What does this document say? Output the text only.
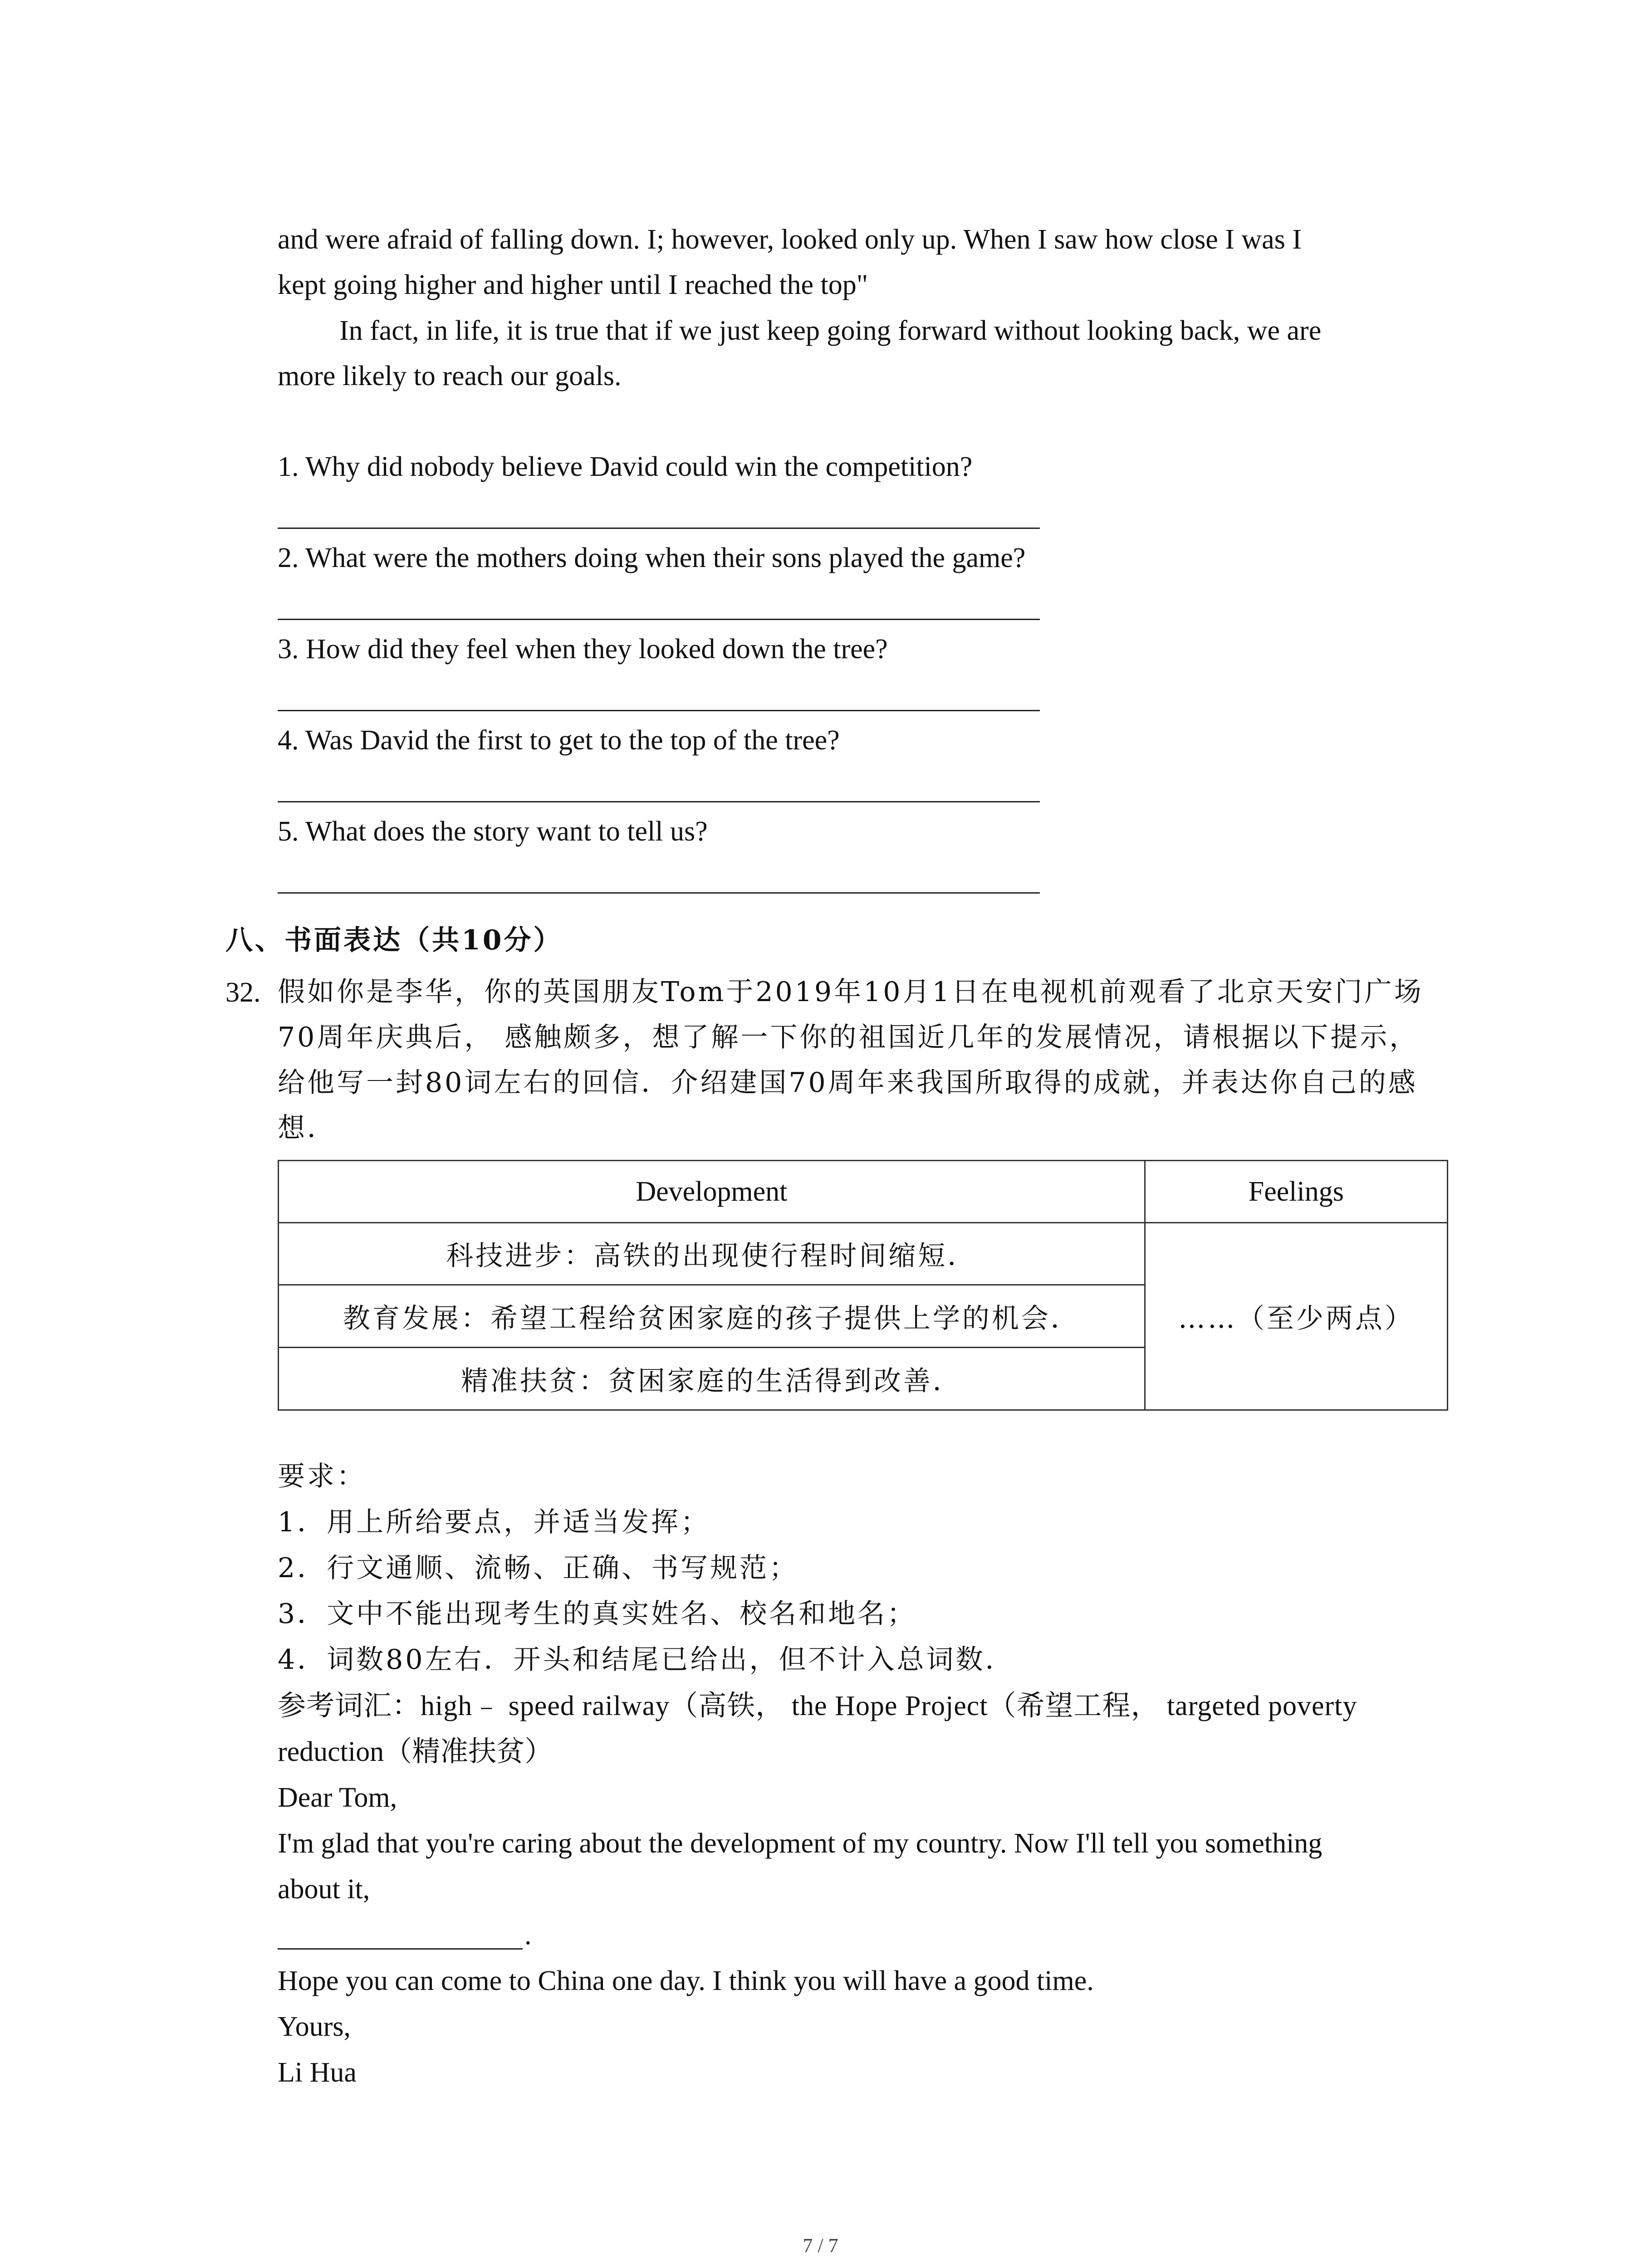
and were afraid of falling down. I; however, looked only up. When I saw how close I was I
kept going higher and higher until I reached the top"
In fact, in life, it is true that if we just keep going forward without looking back, we are
more likely to reach our goals.
1. Why did nobody believe David could win the competition?
2. What were the mothers doing when their sons played the game?
3. How did they feel when they looked down the tree?
4. Was David the first to get to the top of the tree?
5. What does the story want to tell us?
八、书面表达（共10分）
32. 假如你是李华，你的英国朋友Tom于2019年10月1日在电视机前观看了北京天安门广场
70周年庆典后， 感触颇多，想了解一下你的祖国近几年的发展情况，请根据以下提示，
给他写一封80词左右的回信．介绍建国70周年来我国所取得的成就，并表达你自己的感
想．
Development	Feelings
科技进步：高铁的出现使行程时间缩短．	……（至少两点）
教育发展：希望工程给贫困家庭的孩子提供上学的机会．	
精准扶贫：贫困家庭的生活得到改善．	
要求：
1．用上所给要点，并适当发挥；
2．行文通顺、流畅、正确、书写规范；
3．文中不能出现考生的真实姓名、校名和地名；
4．词数80左右．开头和结尾已给出，但不计入总词数．
参考词汇：high﹣ speed railway（高铁， the Hope Project（希望工程， targeted poverty
reduction（精准扶贫）
Dear Tom,
I'm glad that you're caring about the development of my country. Now I'll tell you something
about it,
.
Hope you can come to China one day. I think you will have a good time.
Yours,
Li Hua
7 / 7
